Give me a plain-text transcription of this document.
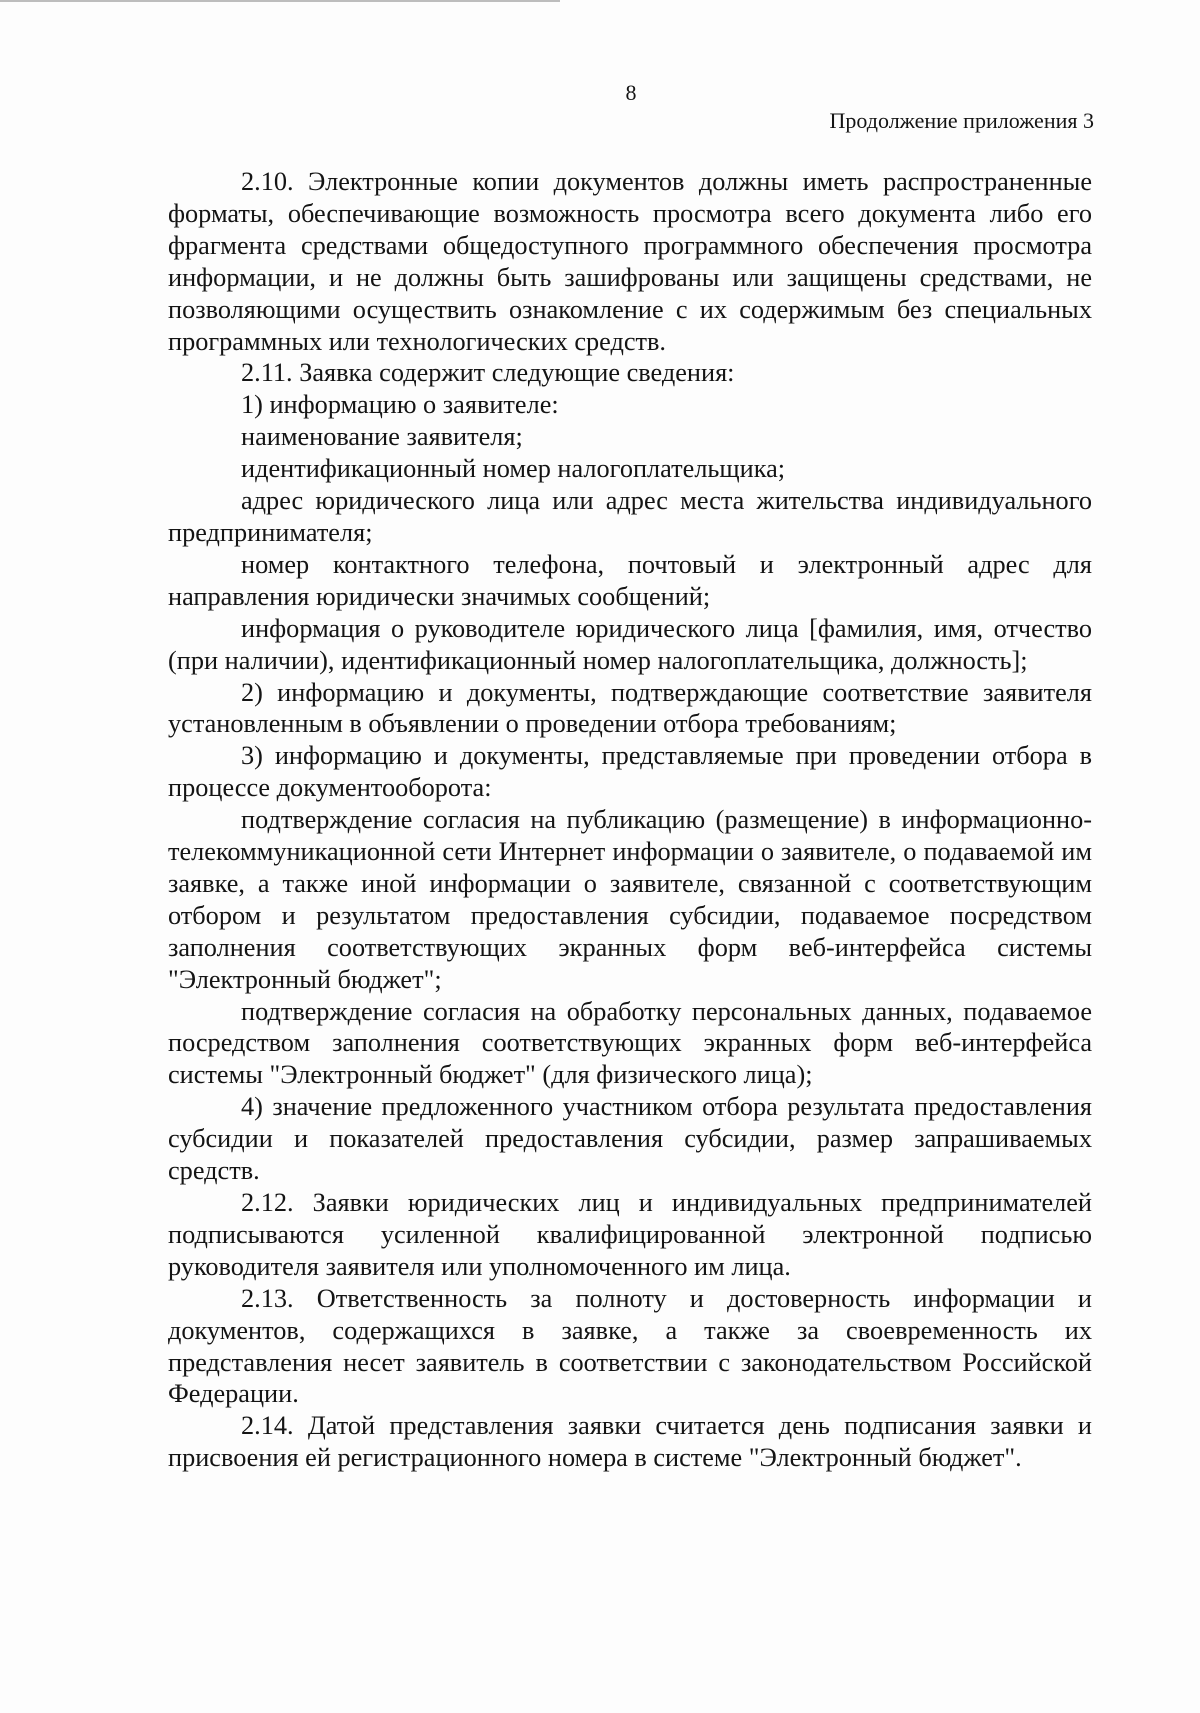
8
Продолжение приложения 3

2.10. Электронные копии документов должны иметь распространенные форматы, обеспечивающие возможность просмотра всего документа либо его фрагмента средствами общедоступного программного обеспечения просмотра информации, и не должны быть зашифрованы или защищены средствами, не позволяющими осуществить ознакомление с их содержимым без специальных программных или технологических средств.

2.11. Заявка содержит следующие сведения:

1) информацию о заявителе:

наименование заявителя;

идентификационный номер налогоплательщика;

адрес юридического лица или адрес места жительства индивидуального предпринимателя;

номер контактного телефона, почтовый и электронный адрес для направления юридически значимых сообщений;

информация о руководителе юридического лица [фамилия, имя, отчество (при наличии), идентификационный номер налогоплательщика, должность];

2) информацию и документы, подтверждающие соответствие заявителя установленным в объявлении о проведении отбора требованиям;

3) информацию и документы, представляемые при проведении отбора в процессе документооборота:

подтверждение согласия на публикацию (размещение) в информационно-телекоммуникационной сети Интернет информации о заявителе, о подаваемой им заявке, а также иной информации о заявителе, связанной с соответствующим отбором и результатом предоставления субсидии, подаваемое посредством заполнения соответствующих экранных форм веб-интерфейса системы "Электронный бюджет";

подтверждение согласия на обработку персональных данных, подаваемое посредством заполнения соответствующих экранных форм веб-интерфейса системы "Электронный бюджет" (для физического лица);

4) значение предложенного участником отбора результата предоставления субсидии и показателей предоставления субсидии, размер запрашиваемых средств.

2.12. Заявки юридических лиц и индивидуальных предпринимателей подписываются усиленной квалифицированной электронной подписью руководителя заявителя или уполномоченного им лица.

2.13. Ответственность за полноту и достоверность информации и документов, содержащихся в заявке, а также за своевременность их представления несет заявитель в соответствии с законодательством Российской Федерации.

2.14. Датой представления заявки считается день подписания заявки и присвоения ей регистрационного номера в системе "Электронный бюджет".
